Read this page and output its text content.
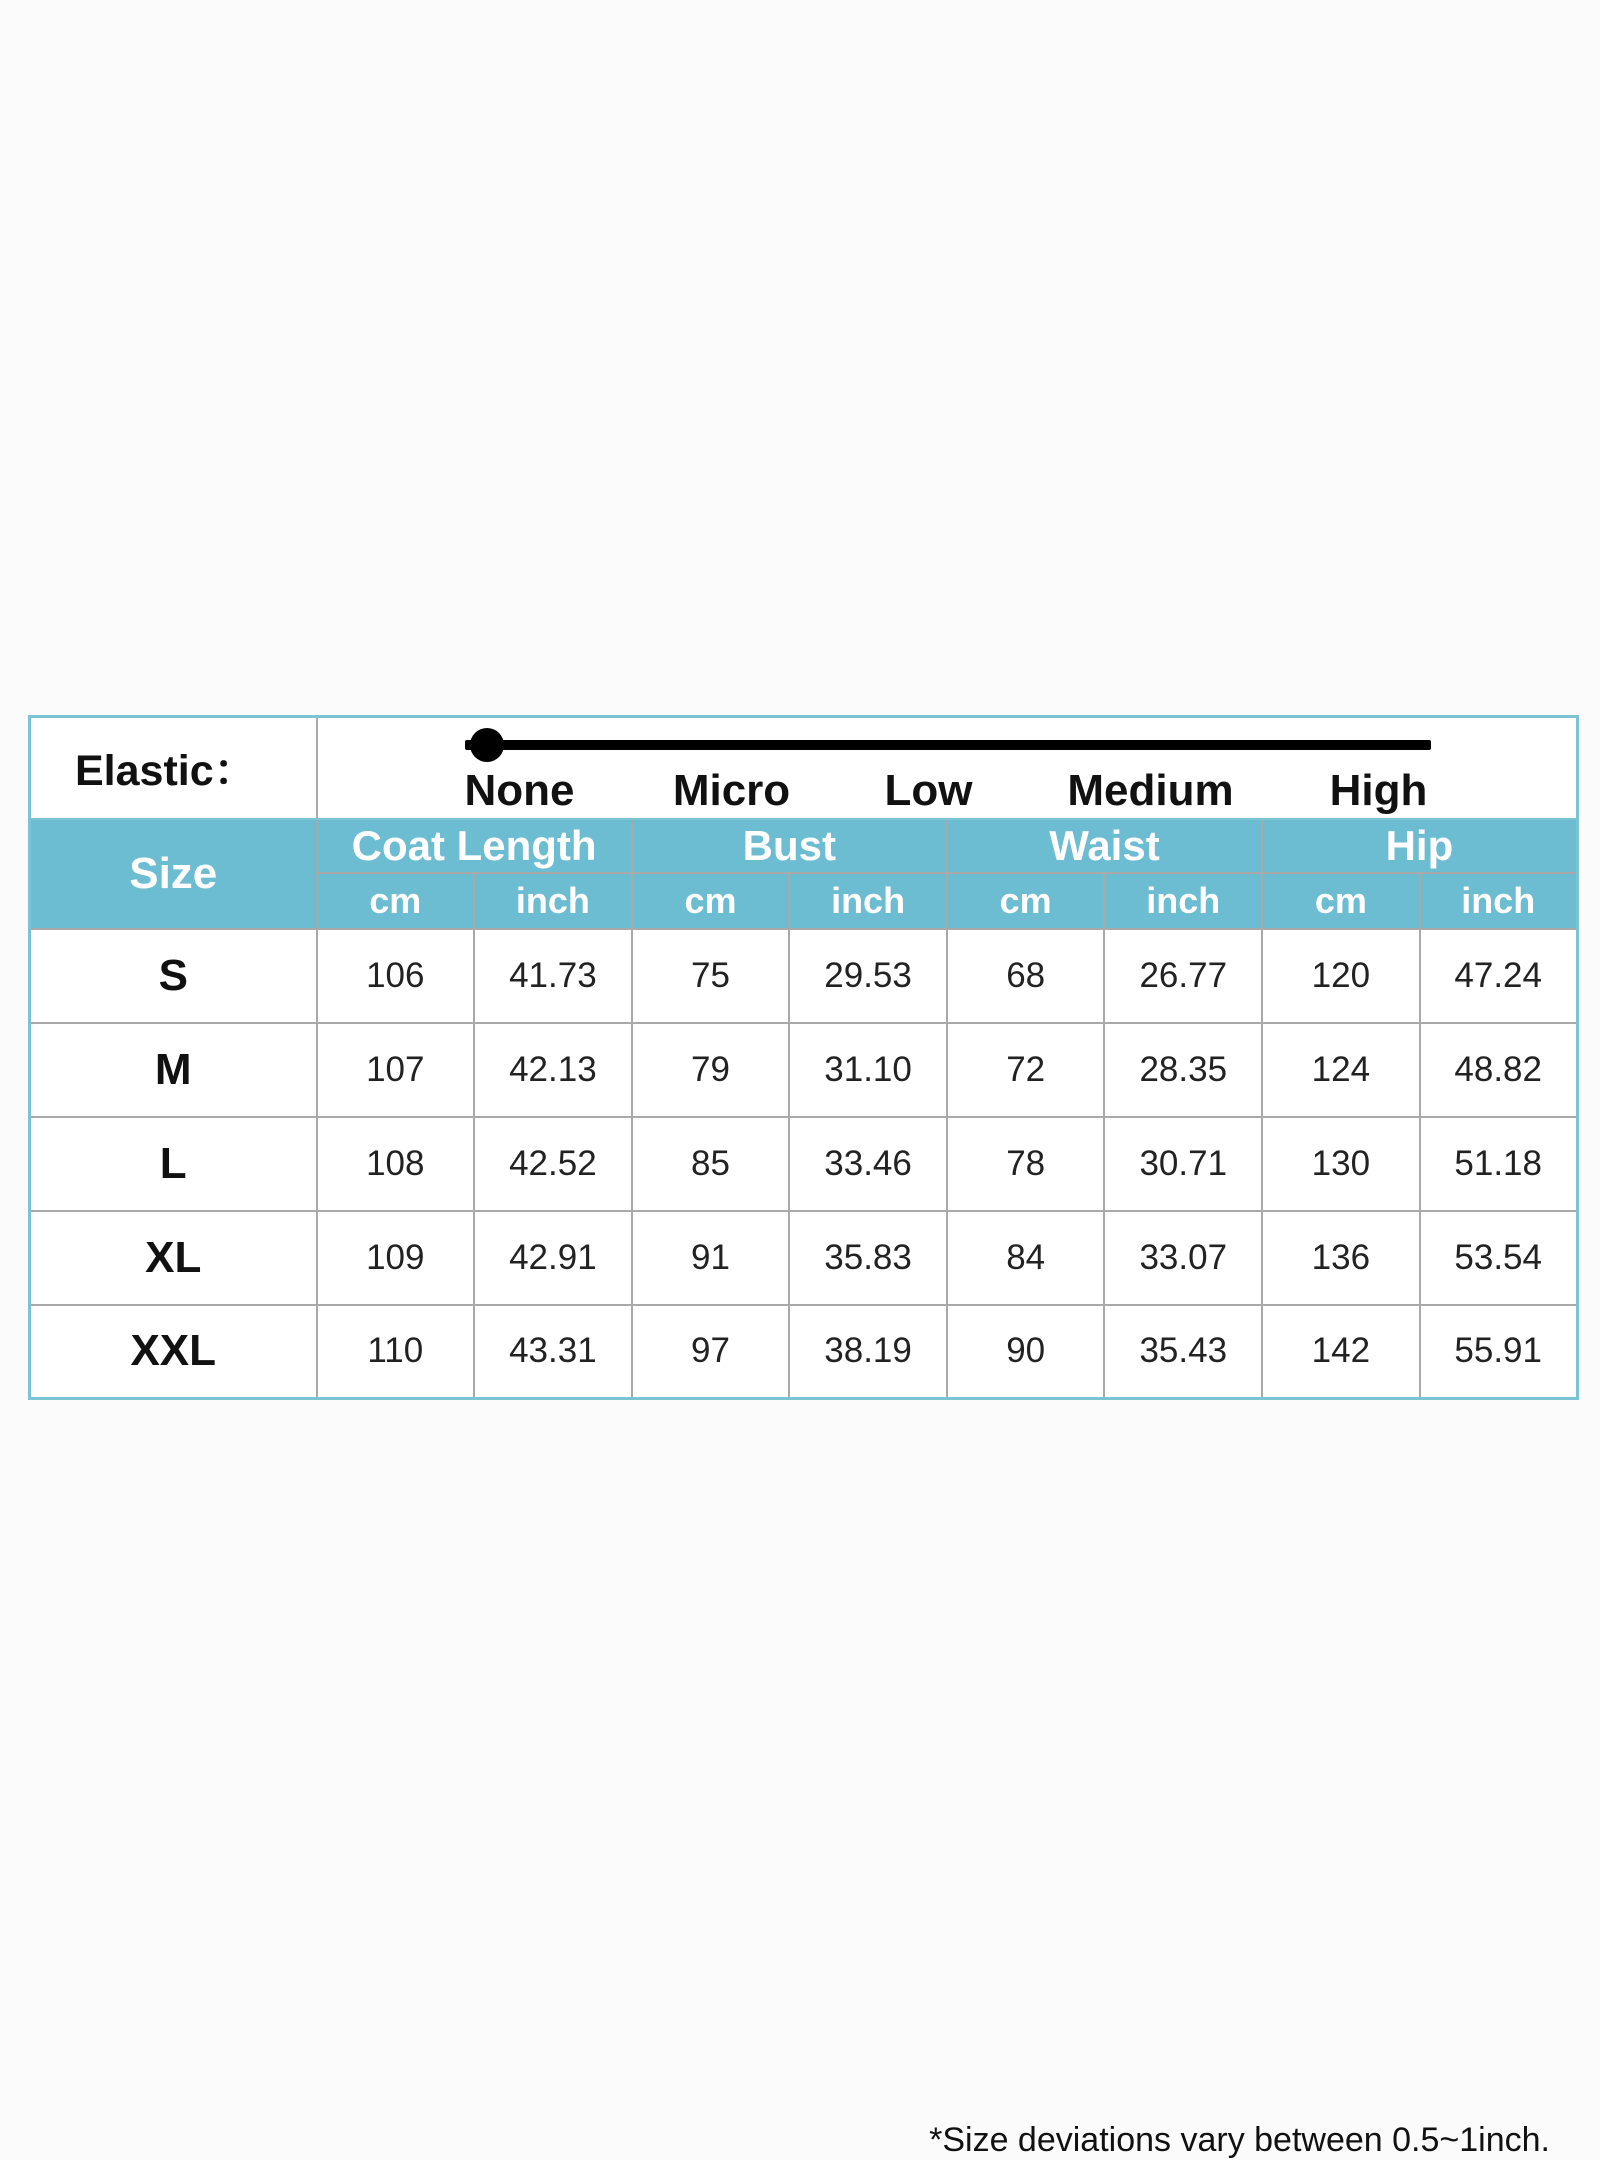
Elastic：	None Micro Low Medium High							

Size	Coat Length		Bust		Waist		Hip	
	cm	inch	cm	inch	cm	inch	cm	inch
S	106	41.73	75	29.53	68	26.77	120	47.24
M	107	42.13	79	31.10	72	28.35	124	48.82
L	108	42.52	85	33.46	78	30.71	130	51.18
XL	109	42.91	91	35.83	84	33.07	136	53.54
XXL	110	43.31	97	38.19	90	35.43	142	55.91
*Size deviations vary between 0.5~1inch.
